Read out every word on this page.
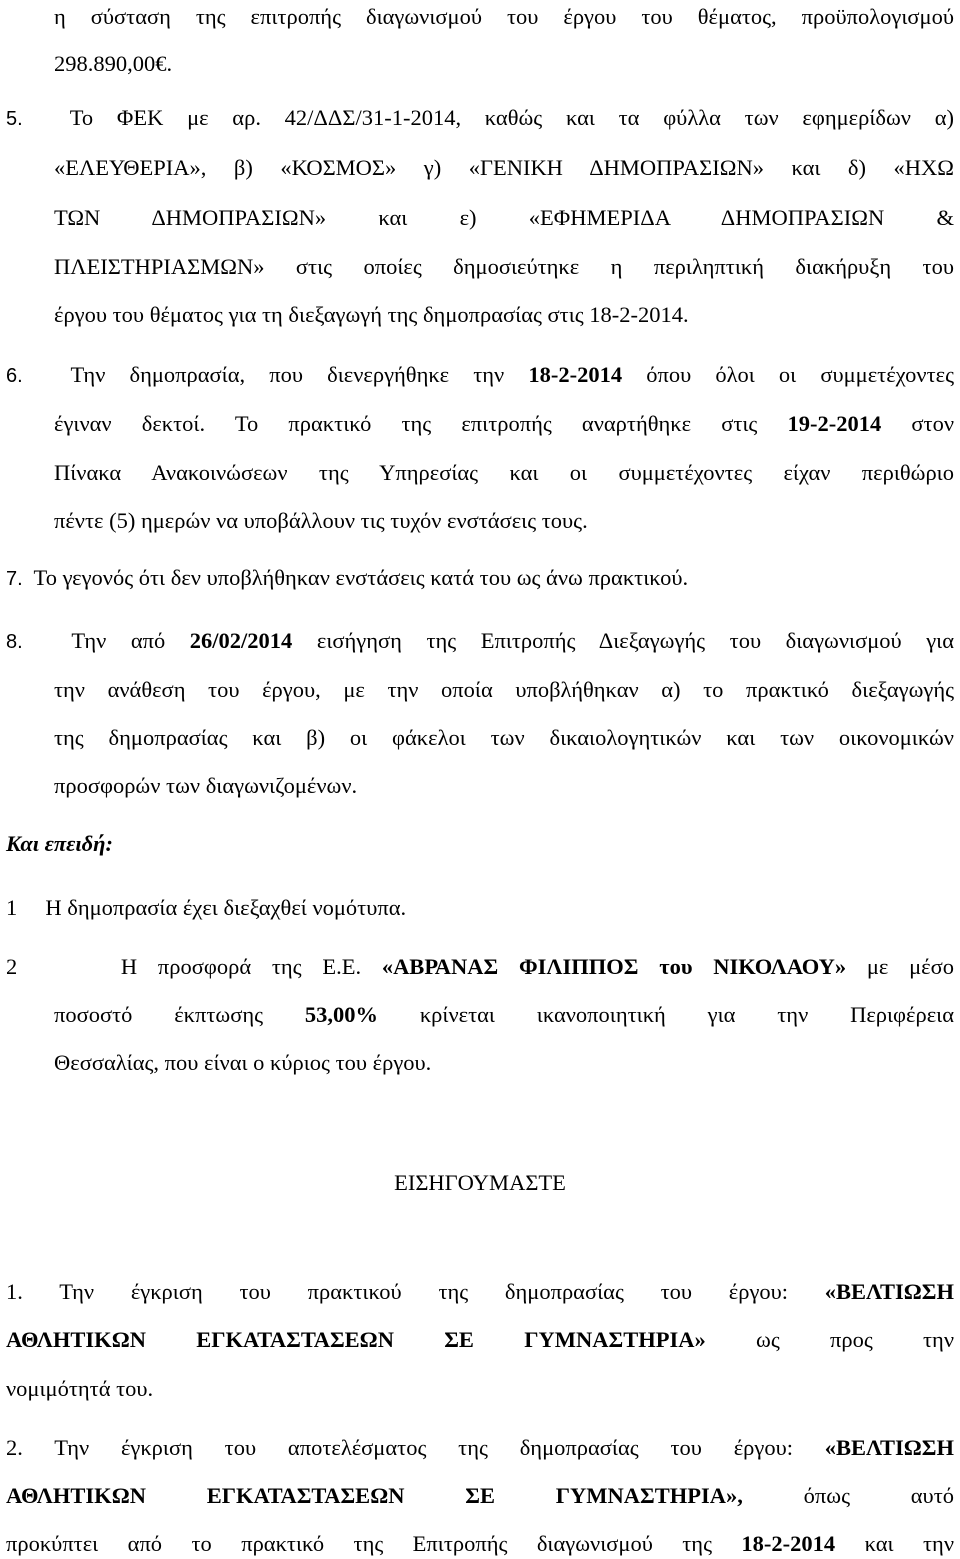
η σύσταση της επιτροπής διαγωνισμού του έργου του θέματος, προϋπολογισμού
298.890,00€.
5.  Το ΦΕΚ με αρ. 42/ΔΔΣ/31-1-2014, καθώς και τα φύλλα των εφημερίδων α)
«ΕΛΕΥΘΕΡΙΑ», β) «ΚΟΣΜΟΣ» γ) «ΓΕΝΙΚΗ ΔΗΜΟΠΡΑΣΙΩΝ» και δ) «ΗΧΩ
ΤΩΝ ΔΗΜΟΠΡΑΣΙΩΝ» και ε) «ΕΦΗΜΕΡΙΔΑ ΔΗΜΟΠΡΑΣΙΩΝ &
ΠΛΕΙΣΤΗΡΙΑΣΜΩΝ» στις οποίες δημοσιεύτηκε η περιληπτική διακήρυξη του
έργου του θέματος για τη διεξαγωγή της δημοπρασίας στις 18-2-2014.
6.  Την δημοπρασία, που διενεργήθηκε την 18-2-2014 όπου όλοι οι συμμετέχοντες
έγιναν δεκτοί. Το πρακτικό της επιτροπής αναρτήθηκε στις 19-2-2014 στον
Πίνακα Ανακοινώσεων της Υπηρεσίας και οι συμμετέχοντες είχαν περιθώριο
πέντε (5) ημερών να υποβάλλουν τις τυχόν ενστάσεις τους.
7.  Το γεγονός ότι δεν υποβλήθηκαν ενστάσεις κατά του ως άνω πρακτικού.
8.  Την από 26/02/2014 εισήγηση της Επιτροπής Διεξαγωγής του διαγωνισμού για
την ανάθεση του έργου, με την οποία υποβλήθηκαν α) το πρακτικό διεξαγωγής
της δημοπρασίας και β) οι φάκελοι των δικαιολογητικών και των οικονομικών
προσφορών των διαγωνιζομένων.
Και επειδή:
1     Η δημοπρασία έχει διεξαχθεί νομότυπα.
2     Η προσφορά της Ε.Ε. «ΑΒΡΑΝΑΣ ΦΙΛΙΠΠΟΣ του ΝΙΚΟΛΑΟΥ» με μέσο
ποσοστό έκπτωσης 53,00% κρίνεται ικανοποιητική για την Περιφέρεια
Θεσσαλίας, που είναι ο κύριος του έργου.
ΕΙΣΗΓΟΥΜΑΣΤΕ
1. Την έγκριση του πρακτικού της δημοπρασίας του έργου: «ΒΕΛΤΙΩΣΗ
ΑΘΛΗΤΙΚΩΝ ΕΓΚΑΤΑΣΤΑΣΕΩΝ ΣΕ ΓΥΜΝΑΣΤΗΡΙΑ» ως προς την
νομιμότητά του.
2. Την έγκριση του αποτελέσματος της δημοπρασίας του έργου: «ΒΕΛΤΙΩΣΗ
ΑΘΛΗΤΙΚΩΝ ΕΓΚΑΤΑΣΤΑΣΕΩΝ ΣΕ ΓΥΜΝΑΣΤΗΡΙΑ», όπως αυτό
προκύπτει από το πρακτικό της Επιτροπής διαγωνισμού της 18-2-2014 και την
